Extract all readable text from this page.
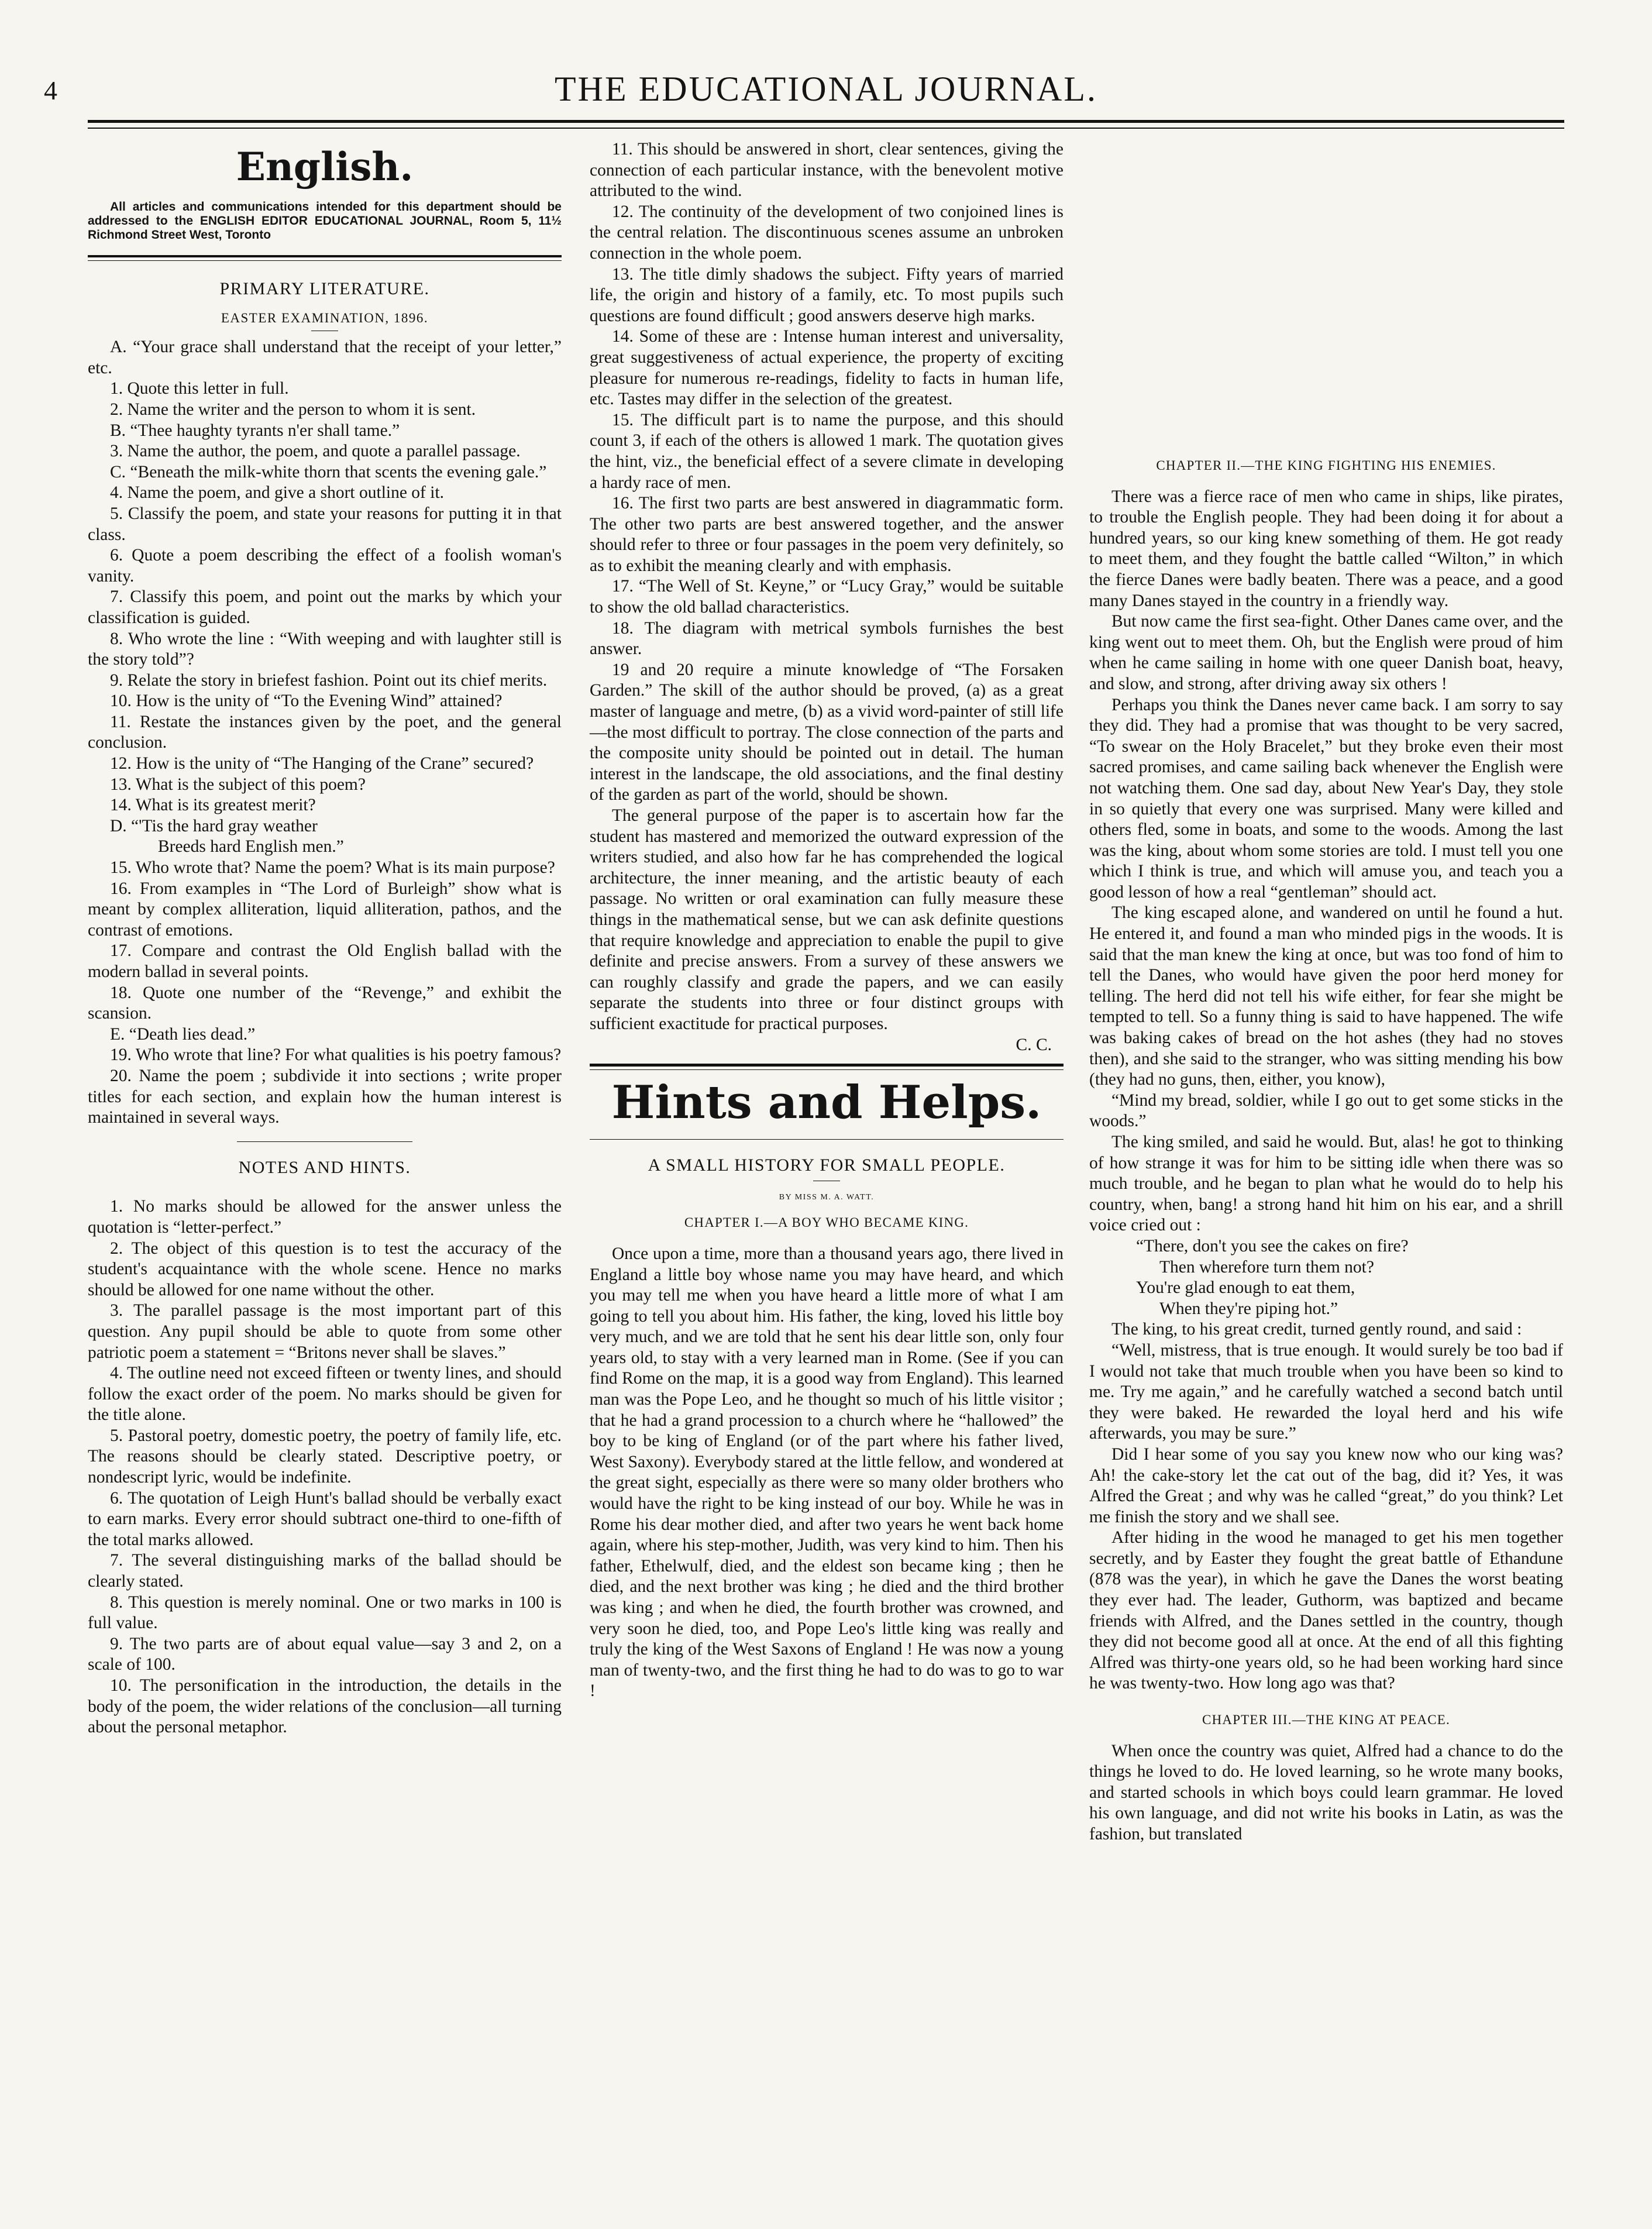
4	THE EDUCATIONAL JOURNAL.
English.

All articles and communications intended for this department should be addressed to the ENGLISH EDITOR EDUCATIONAL JOURNAL, Room 5, 11½ Richmond Street West, Toronto

PRIMARY LITERATURE.
EASTER EXAMINATION, 1896.

A. “Your grace shall understand that the receipt of your letter,” etc.

1. Quote this letter in full.

2. Name the writer and the person to whom it is sent.

B. “Thee haughty tyrants n'er shall tame.”

3. Name the author, the poem, and quote a parallel passage.

C. “Beneath the milk-white thorn that scents the evening gale.”

4. Name the poem, and give a short outline of it.

5. Classify the poem, and state your reasons for putting it in that class.

6. Quote a poem describing the effect of a foolish woman's vanity.

7. Classify this poem, and point out the marks by which your classification is guided.

8. Who wrote the line : “With weeping and with laughter still is the story told”?

9. Relate the story in briefest fashion. Point out its chief merits.

10. How is the unity of “To the Evening Wind” attained?

11. Restate the instances given by the poet, and the general conclusion.

12. How is the unity of “The Hanging of the Crane” secured?

13. What is the subject of this poem?

14. What is its greatest merit?

D. “'Tis the hard gray weather

Breeds hard English men.”

15. Who wrote that? Name the poem? What is its main purpose?

16. From examples in “The Lord of Burleigh” show what is meant by complex alliteration, liquid alliteration, pathos, and the contrast of emotions.

17. Compare and contrast the Old English ballad with the modern ballad in several points.

18. Quote one number of the “Revenge,” and exhibit the scansion.

E. “Death lies dead.”

19. Who wrote that line? For what qualities is his poetry famous?

20. Name the poem ; subdivide it into sections ; write proper titles for each section, and explain how the human interest is maintained in several ways.

NOTES AND HINTS.

1. No marks should be allowed for the answer unless the quotation is “letter-perfect.”

2. The object of this question is to test the accuracy of the student's acquaintance with the whole scene. Hence no marks should be allowed for one name without the other.

3. The parallel passage is the most important part of this question. Any pupil should be able to quote from some other patriotic poem a statement = “Britons never shall be slaves.”

4. The outline need not exceed fifteen or twenty lines, and should follow the exact order of the poem. No marks should be given for the title alone.

5. Pastoral poetry, domestic poetry, the poetry of family life, etc. The reasons should be clearly stated. Descriptive poetry, or nondescript lyric, would be indefinite.

6. The quotation of Leigh Hunt's ballad should be verbally exact to earn marks. Every error should subtract one-third to one-fifth of the total marks allowed.

7. The several distinguishing marks of the ballad should be clearly stated.

8. This question is merely nominal. One or two marks in 100 is full value.

9. The two parts are of about equal value—say 3 and 2, on a scale of 100.

10. The personification in the introduction, the details in the body of the poem, the wider relations of the conclusion—all turning about the personal metaphor.

11. This should be answered in short, clear sentences, giving the connection of each particular instance, with the benevolent motive attributed to the wind.

12. The continuity of the development of two conjoined lines is the central relation. The discontinuous scenes assume an unbroken connection in the whole poem.

13. The title dimly shadows the subject. Fifty years of married life, the origin and history of a family, etc. To most pupils such questions are found difficult ; good answers deserve high marks.

14. Some of these are : Intense human interest and universality, great suggestiveness of actual experience, the property of exciting pleasure for numerous re-readings, fidelity to facts in human life, etc. Tastes may differ in the selection of the greatest.

15. The difficult part is to name the purpose, and this should count 3, if each of the others is allowed 1 mark. The quotation gives the hint, viz., the beneficial effect of a severe climate in developing a hardy race of men.

16. The first two parts are best answered in diagrammatic form. The other two parts are best answered together, and the answer should refer to three or four passages in the poem very definitely, so as to exhibit the meaning clearly and with emphasis.

17. “The Well of St. Keyne,” or “Lucy Gray,” would be suitable to show the old ballad characteristics.

18. The diagram with metrical symbols furnishes the best answer.

19 and 20 require a minute knowledge of “The Forsaken Garden.” The skill of the author should be proved, (a) as a great master of language and metre, (b) as a vivid word-painter of still life—the most difficult to portray. The close connection of the parts and the composite unity should be pointed out in detail. The human interest in the landscape, the old associations, and the final destiny of the garden as part of the world, should be shown.

The general purpose of the paper is to ascertain how far the student has mastered and memorized the outward expression of the writers studied, and also how far he has comprehended the logical architecture, the inner meaning, and the artistic beauty of each passage. No written or oral examination can fully measure these things in the mathematical sense, but we can ask definite questions that require knowledge and appreciation to enable the pupil to give definite and precise answers. From a survey of these answers we can roughly classify and grade the papers, and we can easily separate the students into three or four distinct groups with sufficient exactitude for practical purposes.

C. C.
Hints and Helps.
A SMALL HISTORY FOR SMALL PEOPLE.
BY MISS M. A. WATT.
CHAPTER I.—A BOY WHO BECAME KING.

Once upon a time, more than a thousand years ago, there lived in England a little boy whose name you may have heard, and which you may tell me when you have heard a little more of what I am going to tell you about him. His father, the king, loved his little boy very much, and we are told that he sent his dear little son, only four years old, to stay with a very learned man in Rome. (See if you can find Rome on the map, it is a good way from England). This learned man was the Pope Leo, and he thought so much of his little visitor ; that he had a grand procession to a church where he “hallowed” the boy to be king of England (or of the part where his father lived, West Saxony). Everybody stared at the little fellow, and wondered at the great sight, especially as there were so many older brothers who would have the right to be king instead of our boy. While he was in Rome his dear mother died, and after two years he went back home again, where his step-mother, Judith, was very kind to him. Then his father, Ethelwulf, died, and the eldest son became king ; then he died, and the next brother was king ; he died and the third brother was king ; and when he died, the fourth brother was crowned, and very soon he died, too, and Pope Leo's little king was really and truly the king of the West Saxons of England ! He was now a young man of twenty-two, and the first thing he had to do was to go to war !

CHAPTER II.—THE KING FIGHTING HIS ENEMIES.

There was a fierce race of men who came in ships, like pirates, to trouble the English people. They had been doing it for about a hundred years, so our king knew something of them. He got ready to meet them, and they fought the battle called “Wilton,” in which the fierce Danes were badly beaten. There was a peace, and a good many Danes stayed in the country in a friendly way.

But now came the first sea-fight. Other Danes came over, and the king went out to meet them. Oh, but the English were proud of him when he came sailing in home with one queer Danish boat, heavy, and slow, and strong, after driving away six others !

Perhaps you think the Danes never came back. I am sorry to say they did. They had a promise that was thought to be very sacred, “To swear on the Holy Bracelet,” but they broke even their most sacred promises, and came sailing back whenever the English were not watching them. One sad day, about New Year's Day, they stole in so quietly that every one was surprised. Many were killed and others fled, some in boats, and some to the woods. Among the last was the king, about whom some stories are told. I must tell you one which I think is true, and which will amuse you, and teach you a good lesson of how a real “gentleman” should act.

The king escaped alone, and wandered on until he found a hut. He entered it, and found a man who minded pigs in the woods. It is said that the man knew the king at once, but was too fond of him to tell the Danes, who would have given the poor herd money for telling. The herd did not tell his wife either, for fear she might be tempted to tell. So a funny thing is said to have happened. The wife was baking cakes of bread on the hot ashes (they had no stoves then), and she said to the stranger, who was sitting mending his bow (they had no guns, then, either, you know),

“Mind my bread, soldier, while I go out to get some sticks in the woods.”

The king smiled, and said he would. But, alas! he got to thinking of how strange it was for him to be sitting idle when there was so much trouble, and he began to plan what he would do to help his country, when, bang! a strong hand hit him on his ear, and a shrill voice cried out :

“There, don't you see the cakes on fire?

Then wherefore turn them not?

You're glad enough to eat them,

When they're piping hot.”

The king, to his great credit, turned gently round, and said :

“Well, mistress, that is true enough. It would surely be too bad if I would not take that much trouble when you have been so kind to me. Try me again,” and he carefully watched a second batch until they were baked. He rewarded the loyal herd and his wife afterwards, you may be sure.”

Did I hear some of you say you knew now who our king was? Ah! the cake-story let the cat out of the bag, did it? Yes, it was Alfred the Great ; and why was he called “great,” do you think? Let me finish the story and we shall see.

After hiding in the wood he managed to get his men together secretly, and by Easter they fought the great battle of Ethandune (878 was the year), in which he gave the Danes the worst beating they ever had. The leader, Guthorm, was baptized and became friends with Alfred, and the Danes settled in the country, though they did not become good all at once. At the end of all this fighting Alfred was thirty-one years old, so he had been working hard since he was twenty-two. How long ago was that?

CHAPTER III.—THE KING AT PEACE.

When once the country was quiet, Alfred had a chance to do the things he loved to do. He loved learning, so he wrote many books, and started schools in which boys could learn grammar. He loved his own language, and did not write his books in Latin, as was the fashion, but translated
